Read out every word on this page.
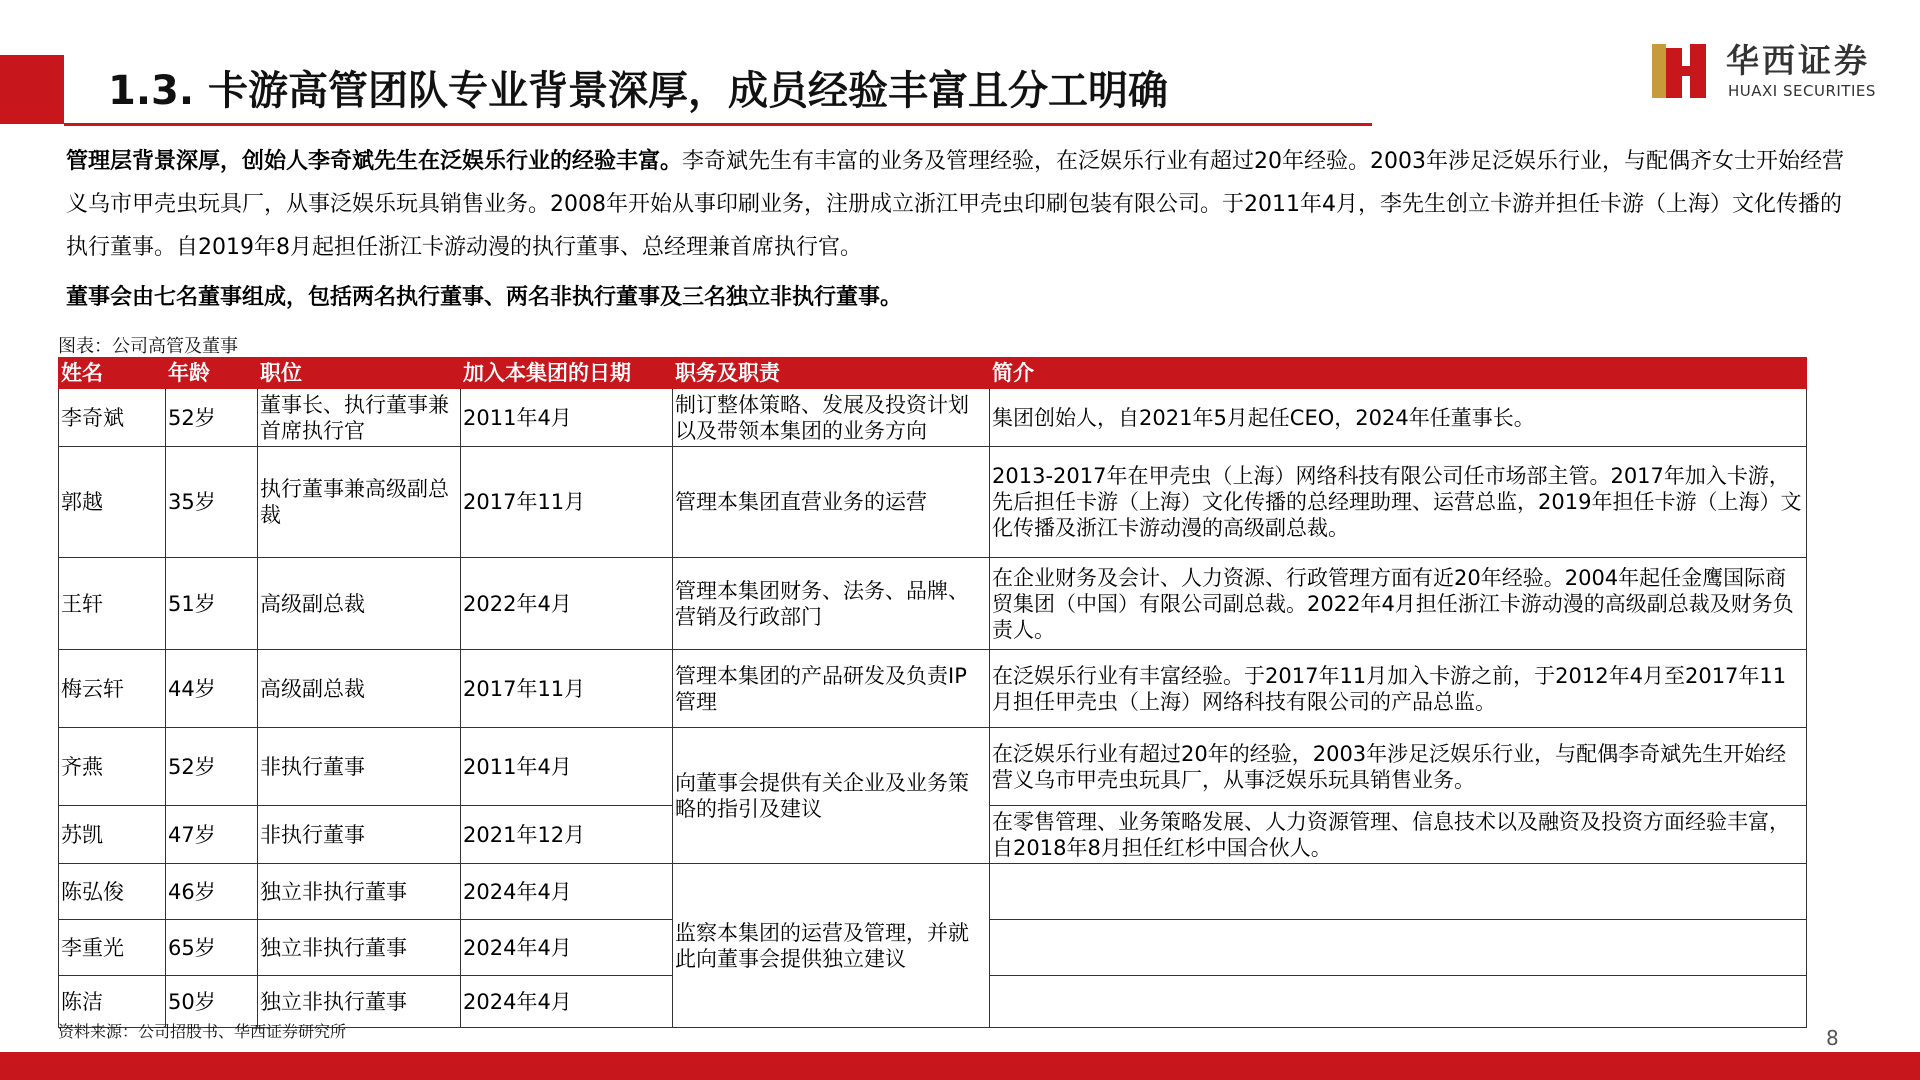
1.3. 卡游高管团队专业背景深厚，成员经验丰富且分工明确
华西证券
HUAXI SECURITIES
管理层背景深厚，创始人李奇斌先生在泛娱乐行业的经验丰富。李奇斌先生有丰富的业务及管理经验，在泛娱乐行业有超过20年经验。2003年涉足泛娱乐行业，与配偶齐女士开始经营义乌市甲壳虫玩具厂，从事泛娱乐玩具销售业务。2008年开始从事印刷业务，注册成立浙江甲壳虫印刷包装有限公司。于2011年4月，李先生创立卡游并担任卡游（上海）文化传播的执行董事。自2019年8月起担任浙江卡游动漫的执行董事、总经理兼首席执行官。
董事会由七名董事组成，包括两名执行董事、两名非执行董事及三名独立非执行董事。
图表：公司高管及董事
姓名	年龄	职位	加入本集团的日期	职务及职责	简介
李奇斌	52岁	董事长、执行董事兼首席执行官	2011年4月	制订整体策略、发展及投资计划以及带领本集团的业务方向	集团创始人，自2021年5月起任CEO，2024年任董事长。
郭越	35岁	执行董事兼高级副总裁	2017年11月	管理本集团直营业务的运营	2013-2017年在甲壳虫（上海）网络科技有限公司任市场部主管。2017年加入卡游，先后担任卡游（上海）文化传播的总经理助理、运营总监，2019年担任卡游（上海）文化传播及浙江卡游动漫的高级副总裁。
王轩	51岁	高级副总裁	2022年4月	管理本集团财务、法务、品牌、营销及行政部门	在企业财务及会计、人力资源、行政管理方面有近20年经验。2004年起任金鹰国际商贸集团（中国）有限公司副总裁。2022年4月担任浙江卡游动漫的高级副总裁及财务负责人。
梅云轩	44岁	高级副总裁	2017年11月	管理本集团的产品研发及负责IP管理	在泛娱乐行业有丰富经验。于2017年11月加入卡游之前，于2012年4月至2017年11月担任甲壳虫（上海）网络科技有限公司的产品总监。
齐燕	52岁	非执行董事	2011年4月	向董事会提供有关企业及业务策略的指引及建议	在泛娱乐行业有超过20年的经验，2003年涉足泛娱乐行业，与配偶李奇斌先生开始经营义乌市甲壳虫玩具厂，从事泛娱乐玩具销售业务。
苏凯	47岁	非执行董事	2021年12月		在零售管理、业务策略发展、人力资源管理、信息技术以及融资及投资方面经验丰富，自2018年8月担任红杉中国合伙人。
陈弘俊	46岁	独立非执行董事	2024年4月	监察本集团的运营及管理，并就此向董事会提供独立建议	
李重光	65岁	独立非执行董事	2024年4月		
陈洁	50岁	独立非执行董事	2024年4月		
资料来源：公司招股书、华西证券研究所	8
